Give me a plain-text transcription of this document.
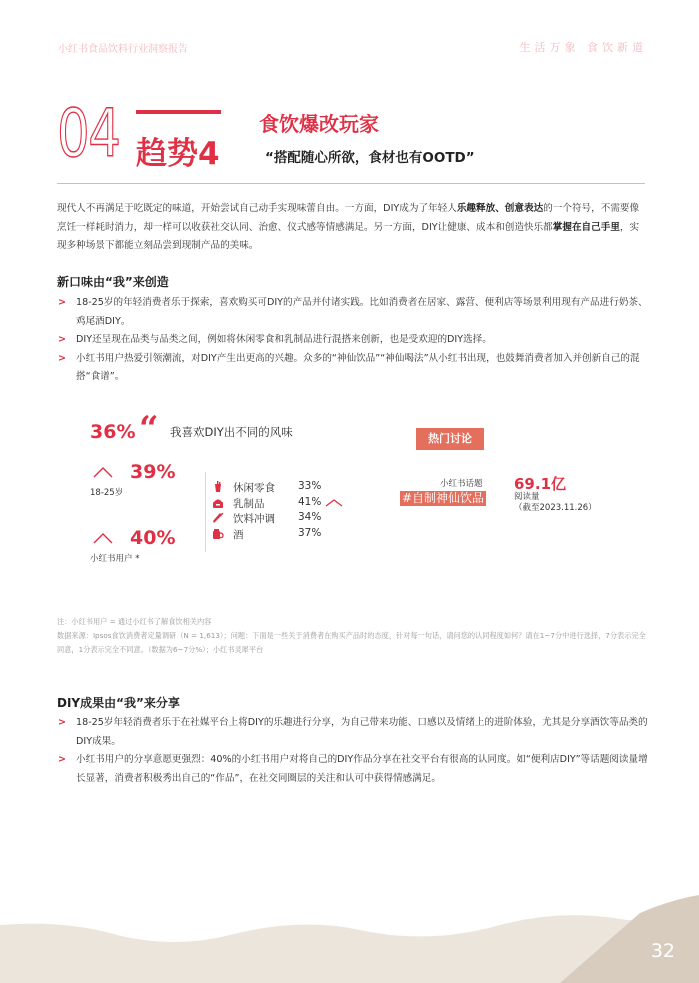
小红书食品饮料行业洞察报告	生活万象 食饮新道
04 趋势4
食饮爆改玩家
“搭配随心所欲，食材也有OOTD”
现代人不再满足于吃既定的味道，开始尝试自己动手实现味蕾自由。一方面，DIY成为了年轻人乐趣释放、创意表达的一个符号，不需要像烹饪一样耗时消力，却一样可以收获社交认同、治愈、仪式感等情感满足。另一方面，DIY让健康、成本和创造快乐都掌握在自己手里，实现多种场景下都能立刻品尝到现制产品的美味。
新口味由“我”来创造
> 18-25岁的年轻消费者乐于探索，喜欢购买可DIY的产品并付诸实践。比如消费者在居家、露营、便利店等场景利用现有产品进行奶茶、鸡尾酒DIY。
> DIY还呈现在品类与品类之间，例如将休闲零食和乳制品进行混搭来创新，也是受欢迎的DIY选择。
> 小红书用户热爱引领潮流，对DIY产生出更高的兴趣。众多的“神仙饮品”“神仙喝法”从小红书出现，也鼓舞消费者加入并创新自己的混搭“食谱”。
36% “ 我喜欢DIY出不同的风味
39%
18-25岁
40%
小红书用户 *
休闲零食 33%
乳制品	41%
饮料冲调 34%
酒	37%
热门讨论
小红书话题
#自制神仙饮品
69.1亿
阅读量
（截至2023.11.26）
注：小红书用户 = 通过小红书了解食饮相关内容
数据来源：Ipsos食饮消费者定量调研（N = 1,613）；问题：下面是一些关于消费者在购买产品时的态度，针对每一句话，请问您的认同程度如何？请在1~7分中进行选择，7分表示完全同意，1分表示完全不同意。（数据为6~7分%）；小红书灵犀平台
DIY成果由“我”来分享
> 18-25岁年轻消费者乐于在社媒平台上将DIY的乐趣进行分享，为自己带来功能、口感以及情绪上的进阶体验，尤其是分享酒饮等品类的DIY成果。
> 小红书用户的分享意愿更强烈：40%的小红书用户对将自己的DIY作品分享在社交平台有很高的认同度。如“便利店DIY”等话题阅读量增长显著，消费者积极秀出自己的“作品”，在社交同圈层的关注和认可中获得情感满足。
32
